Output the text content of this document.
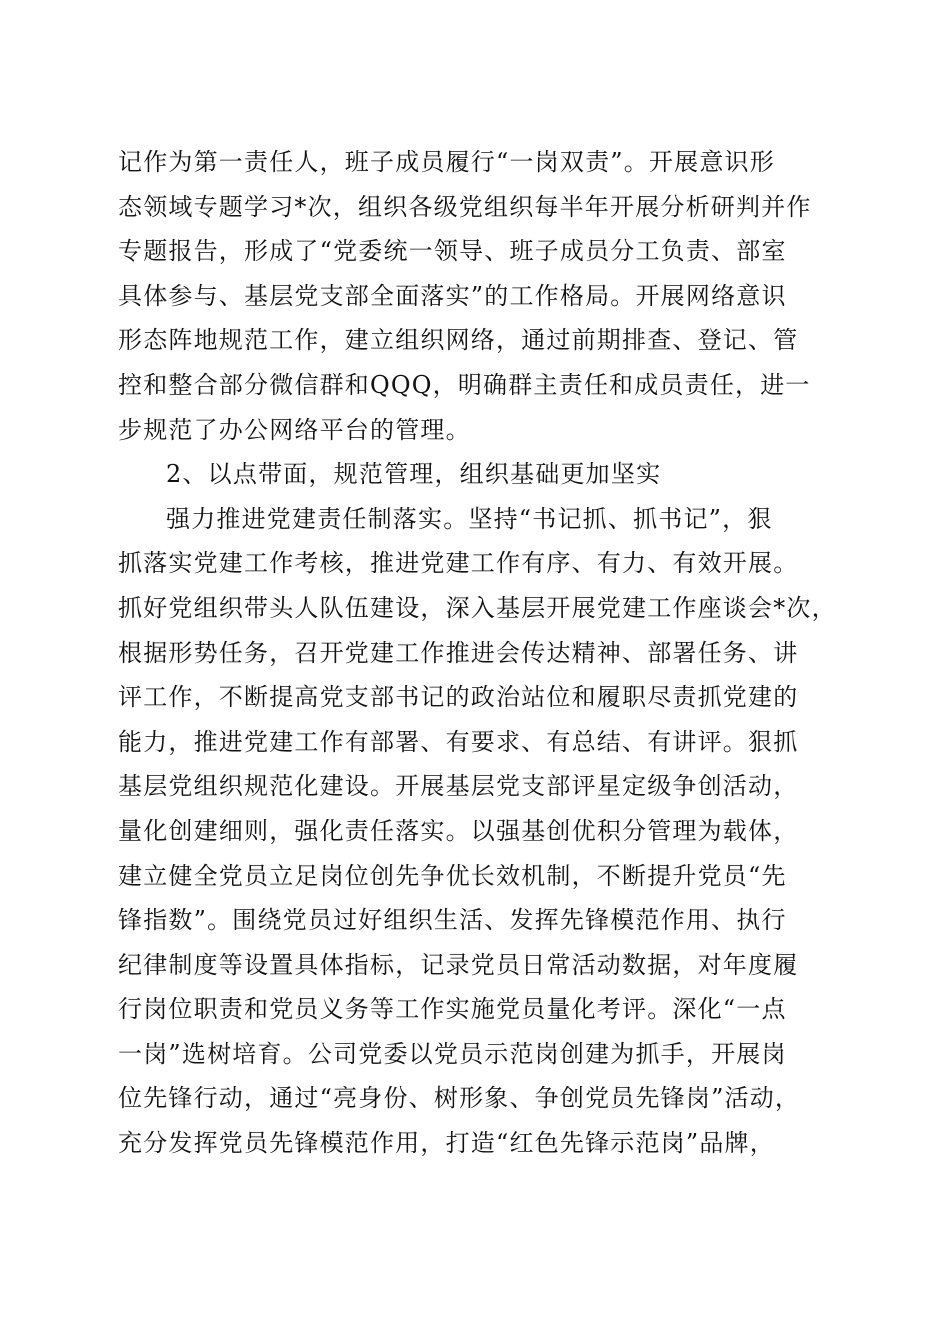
记作为第一责任人，班子成员履行“一岗双责”。开展意识形
态领域专题学习*次，组织各级党组织每半年开展分析研判并作
专题报告，形成了“党委统一领导、班子成员分工负责、部室
具体参与、基层党支部全面落实”的工作格局。开展网络意识
形态阵地规范工作，建立组织网络，通过前期排查、登记、管
控和整合部分微信群和QQQ，明确群主责任和成员责任，进一
步规范了办公网络平台的管理。
2、以点带面，规范管理，组织基础更加坚实
强力推进党建责任制落实。坚持“书记抓、抓书记”，狠
抓落实党建工作考核，推进党建工作有序、有力、有效开展。
抓好党组织带头人队伍建设，深入基层开展党建工作座谈会*次，
根据形势任务，召开党建工作推进会传达精神、部署任务、讲
评工作，不断提高党支部书记的政治站位和履职尽责抓党建的
能力，推进党建工作有部署、有要求、有总结、有讲评。狠抓
基层党组织规范化建设。开展基层党支部评星定级争创活动，
量化创建细则，强化责任落实。以强基创优积分管理为载体，
建立健全党员立足岗位创先争优长效机制，不断提升党员“先
锋指数”。围绕党员过好组织生活、发挥先锋模范作用、执行
纪律制度等设置具体指标，记录党员日常活动数据，对年度履
行岗位职责和党员义务等工作实施党员量化考评。深化“一点
一岗”选树培育。公司党委以党员示范岗创建为抓手，开展岗
位先锋行动，通过“亮身份、树形象、争创党员先锋岗”活动，
充分发挥党员先锋模范作用，打造“红色先锋示范岗”品牌，
